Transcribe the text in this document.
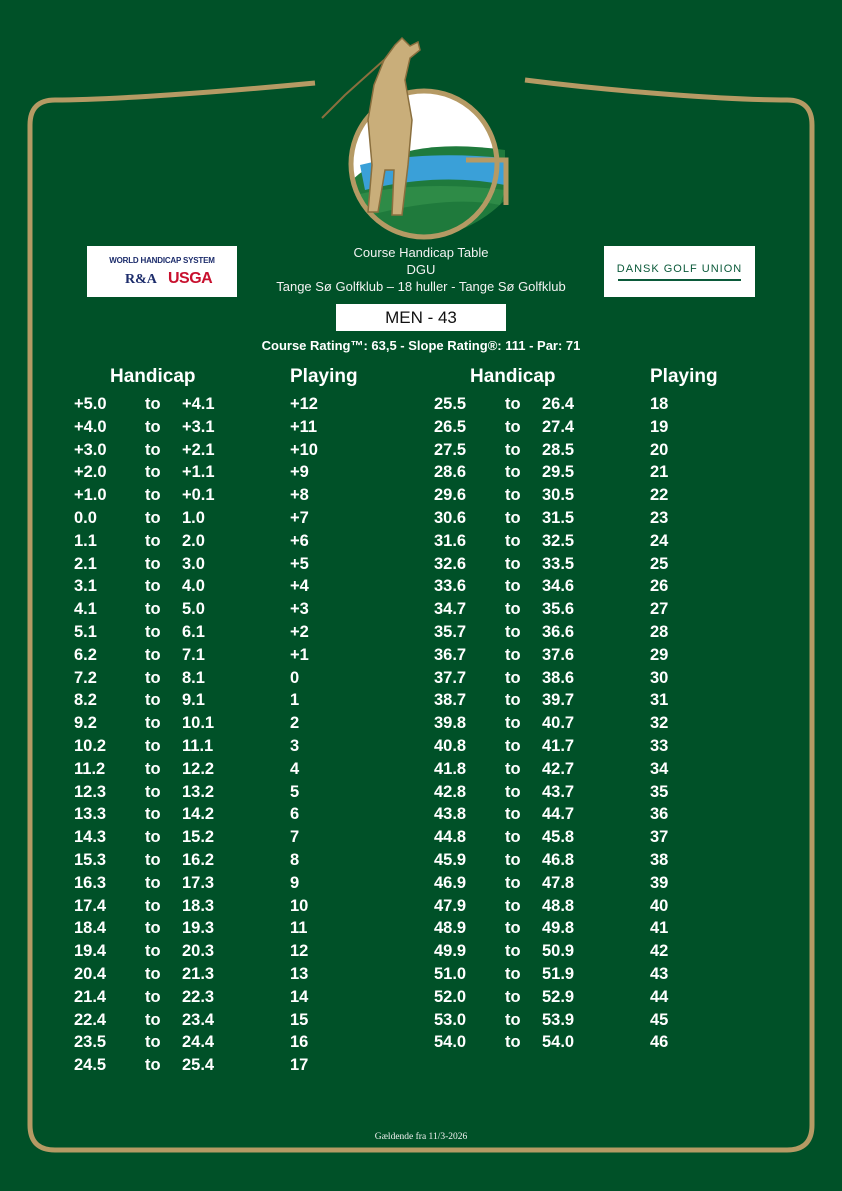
Course Handicap Table
DGU
Tange Sø Golfklub – 18 huller - Tange Sø Golfklub
WORLD HANDICAP SYSTEM
R&A USGA
DANSK GOLF UNION
MEN - 43
Course Rating™: 63,5 - Slope Rating®: 111 - Par: 71
Handicap	Playing	Handicap	Playing
+5.0 to +4.1	+12
+4.0 to +3.1	+11
+3.0 to +2.1	+10
+2.0 to +1.1	+9
+1.0 to +0.1	+8
0.0	to 1.0	+7
1.1	to 2.0	+6
2.1	to 3.0	+5
3.1	to 4.0	+4
4.1	to 5.0	+3
5.1	to 6.1	+2
6.2	to 7.1	+1
7.2	to 8.1	0
8.2	to 9.1	1
9.2	to 10.1	2
10.2 to 11.1	3
11.2 to 12.2	4
12.3 to 13.2	5
13.3 to 14.2	6
14.3 to 15.2	7
15.3 to 16.2	8
16.3 to 17.3	9
17.4 to 18.3	10
18.4 to 19.3	11
19.4 to 20.3	12
20.4 to 21.3	13
21.4 to 22.3	14
22.4 to 23.4	15
23.5 to 24.4	16
24.5 to 25.4	17
25.5 to 26.4	18
26.5 to 27.4	19
27.5 to 28.5	20
28.6 to 29.5	21
29.6 to 30.5	22
30.6 to 31.5	23
31.6 to 32.5	24
32.6 to 33.5	25
33.6 to 34.6	26
34.7 to 35.6	27
35.7 to 36.6	28
36.7 to 37.6	29
37.7 to 38.6	30
38.7 to 39.7	31
39.8 to 40.7	32
40.8 to 41.7	33
41.8 to 42.7	34
42.8 to 43.7	35
43.8 to 44.7	36
44.8 to 45.8	37
45.9 to 46.8	38
46.9 to 47.8	39
47.9 to 48.8	40
48.9 to 49.8	41
49.9 to 50.9	42
51.0 to 51.9	43
52.0 to 52.9	44
53.0 to 53.9	45
54.0 to 54.0	46
Gældende fra 11/3-2026
